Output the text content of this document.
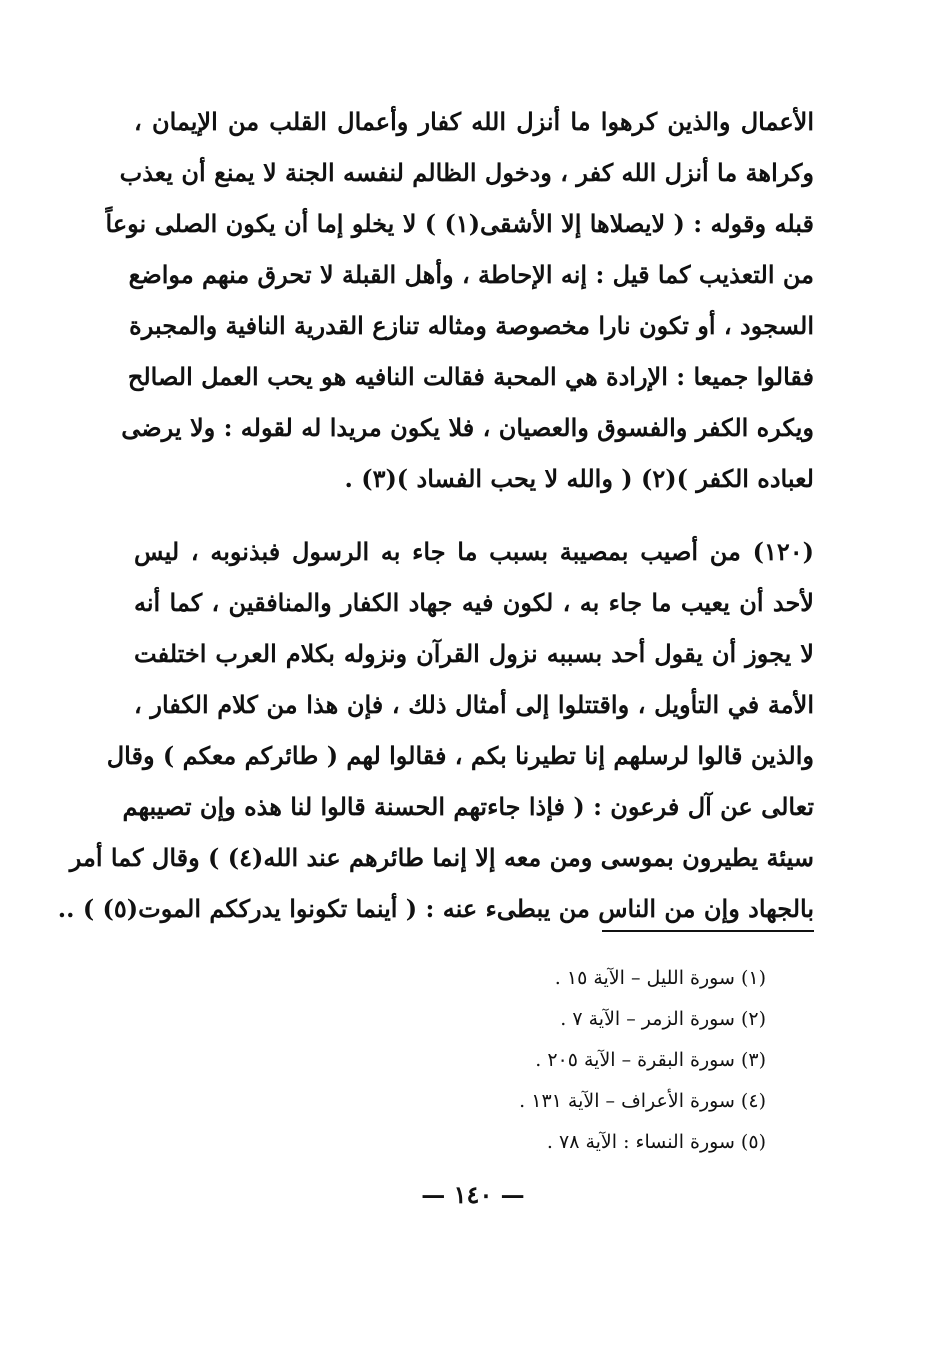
الأعمال والذين كرهوا ما أنزل الله كفار وأعمال القلب من الإيمان ،
وكراهة ما أنزل الله كفر ، ودخول الظالم لنفسه الجنة لا يمنع أن يعذب
قبله وقوله : ( لايصلاها إلا الأشقى(١) ) لا يخلو إما أن يكون الصلى نوعاً
من التعذيب كما قيل : إنه الإحاطة ، وأهل القبلة لا تحرق منهم مواضع
السجود ، أو تكون نارا مخصوصة ومثاله تنازع القدرية النافية والمجبرة
فقالوا جميعا : الإرادة هي المحبة فقالت النافيه هو يحب العمل الصالح
ويكره الكفر والفسوق والعصيان ، فلا يكون مريدا له لقوله : ولا يرضى
لعباده الكفر )(٢) ( والله لا يحب الفساد )(٣) .
(١٢٠) من أصيب بمصيبة بسبب ما جاء به الرسول فبذنوبه ، ليس
لأحد أن يعيب ما جاء به ، لكون فيه جهاد الكفار والمنافقين ، كما أنه
لا يجوز أن يقول أحد بسببه نزول القرآن ونزوله بكلام العرب اختلفت
الأمة في التأويل ، واقتتلوا إلى أمثال ذلك ، فإن هذا من كلام الكفار ،
والذين قالوا لرسلهم إنا تطيرنا بكم ، فقالوا لهم ( طائركم معكم ) وقال
تعالى عن آل فرعون : ( فإذا جاءتهم الحسنة قالوا لنا هذه وإن تصيبهم
سيئة يطيرون بموسى ومن معه إلا إنما طائرهم عند الله(٤) ) وقال كما أمر
بالجهاد وإن من الناس من يبطىء عنه : ( أينما تكونوا يدرككم الموت(٥) ) ..
(١) سورة الليل – الآية ١٥ .
(٢) سورة الزمر – الآية ٧ .
(٣) سورة البقرة – الآية ٢٠٥ .
(٤) سورة الأعراف – الآية ١٣١ .
(٥) سورة النساء : الآية ٧٨ .
— ١٤٠ —
